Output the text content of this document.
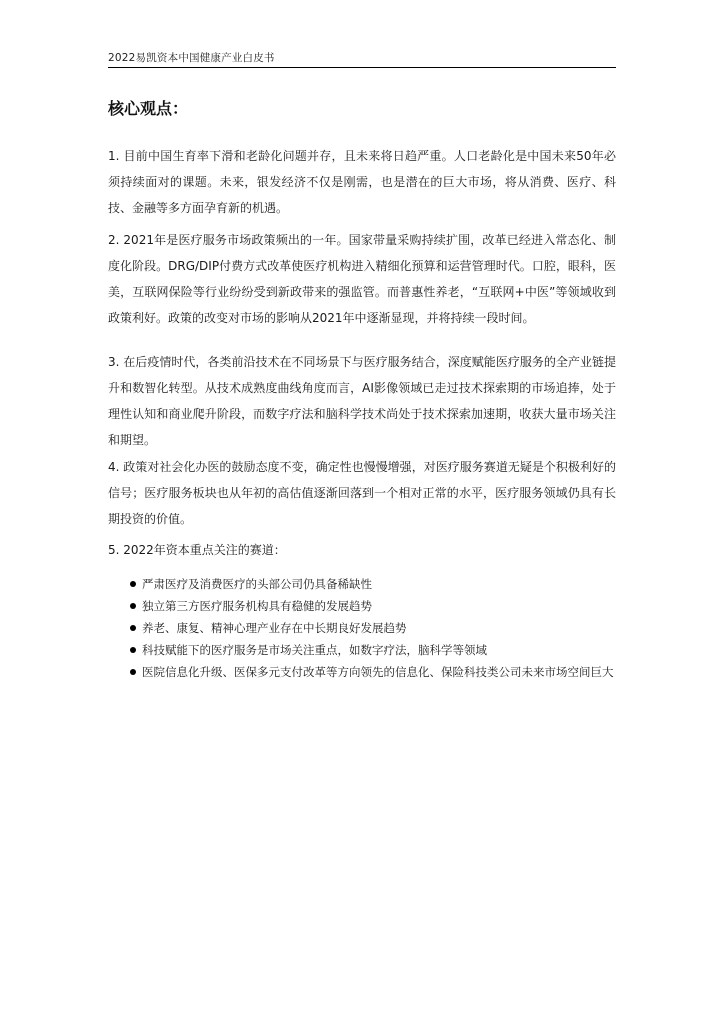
2022易凯资本中国健康产业白皮书
核心观点：

1. 目前中国生育率下滑和老龄化问题并存，且未来将日趋严重。人口老龄化是中国未来50年必须持续面对的课题。未来，银发经济不仅是刚需，也是潜在的巨大市场，将从消费、医疗、科技、金融等多方面孕育新的机遇。

2. 2021年是医疗服务市场政策频出的一年。国家带量采购持续扩围，改革已经进入常态化、制度化阶段。DRG/DIP付费方式改革使医疗机构进入精细化预算和运营管理时代。口腔，眼科，医美，互联网保险等行业纷纷受到新政带来的强监管。而普惠性养老，“互联网+中医”等领域收到政策利好。政策的改变对市场的影响从2021年中逐渐显现，并将持续一段时间。

3. 在后疫情时代，各类前沿技术在不同场景下与医疗服务结合，深度赋能医疗服务的全产业链提升和数智化转型。从技术成熟度曲线角度而言，AI影像领域已走过技术探索期的市场追捧，处于理性认知和商业爬升阶段，而数字疗法和脑科学技术尚处于技术探索加速期，收获大量市场关注和期望。

4. 政策对社会化办医的鼓励态度不变，确定性也慢慢增强，对医疗服务赛道无疑是个积极利好的信号；医疗服务板块也从年初的高估值逐渐回落到一个相对正常的水平，医疗服务领域仍具有长期投资的价值。

5. 2022年资本重点关注的赛道：
严肃医疗及消费医疗的头部公司仍具备稀缺性
独立第三方医疗服务机构具有稳健的发展趋势
养老、康复、精神心理产业存在中长期良好发展趋势
科技赋能下的医疗服务是市场关注重点，如数字疗法，脑科学等领域
医院信息化升级、医保多元支付改革等方向领先的信息化、保险科技类公司未来市场空间巨大
